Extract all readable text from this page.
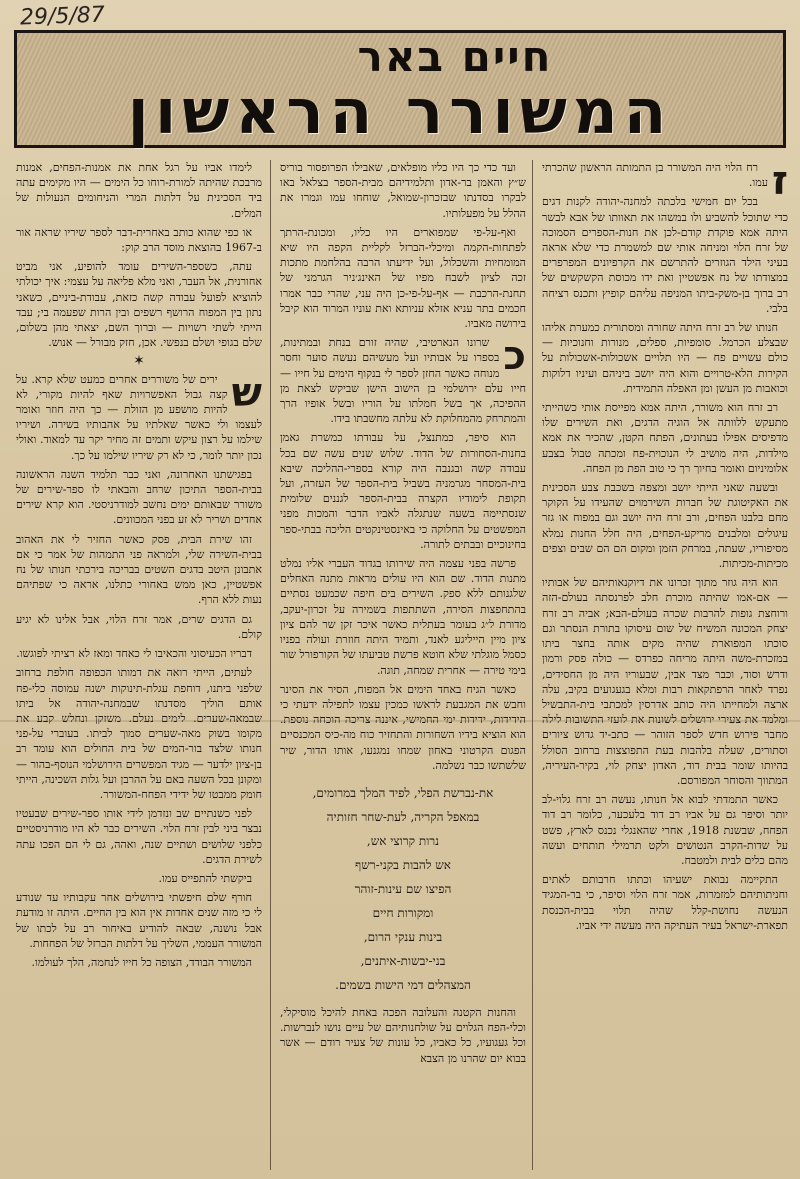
29/5/87
חיים באר
המשורר הראשון
ז

רח הלוי היה המשורר בן התמותה הראשון שהכרתי עמו.

בכל יום חמישי בלכתה למחנה-יהודה לקנות דגים כדי שתוכל להשביע ולו במשהו את תאוותו של אבא לבשר היתה אמא פוקדת קודם-לכן את חנות-הספרים הסמוכה של זרח הלוי ומניחה אותי שם למשמרת כדי שלא אראה בעיני הילד הגוזרים להתרשם את הקרפיונים המפרפרים במצודתו של נח אפשטיין ואת ידו מכוסת הקשקשים של רב ברוך בן-משק-ביתו המניפה עליהם קופיץ ותכנס רציחה בלבי.

חנותו של רב זרח היתה שחורה ומסתורית כמערת אליהו שבצלע הכרמל. סומפיות, ספלים, מנורות וחנוכיות — כולם עשויים פח — היו תלויים אשכולות-אשכולות על הקירות הלא-טרויים והוא היה יושב ביניהם ועיניו דלוקות וכואבות מן העשן ומן האפלה התמידית.

רב זרח הוא משורר, היתה אמא מפייסת אותי כשהייתי מתעקש ללוותה אל הוגיה הדגים, ואת השירים שלו מדפיסים אפילו בעתונים, הפתח הקטן, שהכיר את אמא מילדות, היה מושיב לי הנוכוית-פח ומכתה טבול בצבע אלומיניום ואומר בחיוך רך כי טוב הפת מן הפחה.

ובשעה שאני הייתי יושב ומצפה בשכבת צבע הסכינית את האקיטוגת של חברות השירמוים שהעידו על הקוקר מחם בלבנו הפחים, ורב זרח היה יושב וגם במפוח או גזר עיגולים ומלבנים מריקע-הפחים, היה חלל החנות נמלא מסיפוריו, שעתה, במרחק הזמן ומקום הם הם שבים וצפים מכיתות-מכיתות.

הוא היה גוזר מתוך זכרונו את דיוקנאותיהם של אבותיו — אם-אמו שהיתה מוכרת חלב לפרנסתה בעולם-הזה ורוחצת גופות להרבות שכרה בעולם-הבא; אביה רב זרח יצחק המכונה המשיח של שום עיסוקו בתורת הנסתר וגם סוכתו המפוארת שהיה מקים אותה בחצר ביתו במזכרת-משה היתה מריחה כפרדס — כולה פסק ורמון ודרש וסוד, וכבר מצד אבין, שבעוריו היה מן החסידים, נפרד לאחר הרפתקאות רבות ומלא בגעגועים בקיב, עלה ארצה ולמחייתו היה כותב אדרסין למכתבי בית-התבשיל ומלמד את צעירי ירושלים לשונות את לועזי התשובות לילה מחבר פירוש חדש לספר הזוהר — כתב-יד גדוש ציורים וסתורים, שעלה בלהבות בעת התפוצצות ברחוב הסולל בהיותו שומר בבית דוד, האדון יצחק לוי, בקיר-העיריה, המתווך והסוחר המפורסם.

כאשר התמדתי לבוא אל חנותו, נעשה רב זרח גלוי-לב יותר וסיפר גם על אביו רב דוד בלעכער, כלומר רב דוד הפחח, שבשנת 1918, אחרי שהאנגלי נכנס לארץ, פשט על שדות-הקרב הנטושים ולקט תרמילי תותחים ועשה מהם כלים לבית ולמטבח.

התקיימה נבואת ישעיהו וכתתו חרבותם לאתים וחניתותיהם למזמרות, אמר זרח הלוי וסיפר, כי בר-המגיד הנעשה נחושת-קלל שהיה תלוי בבית-הכנסת תפארת-ישראל בעיר העתיקה היה מעשה ידי אביו.

ועד כדי כך היו כליו מופלאים, שאבילו הפרופסור בוריס ש״ץ והאמן בר-אדון ותלמידיהם מבית-הספר בצלאל באו לבקרו בסדנתו שבזכרון-שמואל, שוחחו עמו וגמרו את ההלל על מפעלותיו.

ואף-על-פי שמפוארים היו כליו, ומכונת-הרתך לפתחות-הקמה ומיכלי-הברזל לקליית הקפה היו שיא המומחיות והשכלול, ועל ידיעתו הרבה בהלחמת מתכות זכה לציון לשבח מפיו של האינג׳ניר הגרמני של תחנת-הרכבת — אף-על-פי-כן היה עני, שהרי כבר אמרו חכמים בתר עניא אזלא עניותא ואת עוניו המרוד הוא קיבל בירושה מאביו.

כ

שרונו הנארטיבי, שהיה זורם בנחת ובמתינות, בספרו על אבותיו ועל מעשיהם נעשה סוער וחסר מנוחה כאשר החזן לספר לי בנקוף הימים על חייו — חייו עלם ירושלמי בן הישוב הישן שביקש לצאת מן ההפיכה, אך בשל חמלתו על הוריו ובשל אופיו הרך והמתרחק מהמחלוקת לא עלתה מחשבתו בידו.

הוא סיפר, כמתנצל, על עבודתו כמשרת גאמן בחנות-הסחורות של הדוד. שלוש שנים עשה שם בכל עבודה קשה ובגנבה היה קורא בספרי-ההליכה שיבא בית-המסחר מגרמניה בשביל בית-הספר של העזרה, ועל תקופת לימודיו הקצרה בבית-הספר לגננים שלומית שנסתיימה בשעה שנתגלה לאביו הדבר והמכות מפני המפשטים על החלוקה כי באינסטינקטים הליכה בבתי-ספר בחינוכיים ובבתים לתורה.

פרשה בפני עצמה היה שירותו בגדוד העברי אליו נמלט מתנות הדוד. שם הוא היו עולים מראות מתנה האחלים שלגנותם ללא ספק. השירים בים חיפה שכמעט נסתיים בהתחפצות הסירה, השתתפות בשמירה על זכרון-יעקב, מדורת ל״ג בעומר בעתלית כאשר איכר זקן שר להם ציון ציון מיין הייליגע לאנד, ותמיד היתה חוזרת ועולה בפניו כסמל מוגלתי שלא חוטא פרשת טביעתו של הקורפורל שור בימי טירה — אחרית שמחה, תוגה.

כאשר הגיח באחד הימים אל המפוח, הסיר את הסינר וחבש את המגבעת לראשו כמכין עצמו לתפילה ידעתי כי הידידות, ידידות ימי החמישי, איננה צריכה הוכחה נוספת. הוא הוציא בידיו השחורות והתחזיר כוח מה-כיס המכנסיים הפגום הקרטוני באחון שמחו נמגנעו, אותו הדור, שיר שלשתשו כבר נשלמה.

את-נברשת הפלי, לפיד המלך במרומים,
במאפל הקריה, לעת-שחר חזותיה
נרות קרוצי אש,
אש להבות בקני-רשף
הפיצו שם עינות-זוהר
ומקורות חיים
בינות ענקי הרום,
בני-יבשות-איתנים,
המצהלים דמי הישות בשמים.

והחנות הקטנה והעלובה הפכה באחת להיכל מוסיקלי, וכלי-הפח הגלוים על שולחנותיהם של עיים נושו לנברשות. וכל געגועיו, כל כאביו, כל עונות של צעיר רודם — אשר בבוא יום שהרנו מן הצבא

לימדו אביו על רגל אחת את אמנות-הפחים, אמנות מרבכת שהיתה למורת-רוחו כל הימים — היו מקימים עתה ביד הסכינית על דלתות המרי והניחומים הנעולות של המלים.

או כפי שהוא כותב באחרית-דבר לספר שיריו שראה אור ב-1967 בהוצאת מוסד הרב קוק:

עתה, כשספר-השירים עומד להופיע, אני מביט אחורנית, אל העבר, ואני מלא פליאה על עצמי: איך יכולתי להוציא לפועל עבודה קשה כזאת, עבודת-ביניים, כשאני נתון בין המפוח הרושף רשפים ובין הרות שפעמה בי; עבד הייתי לשתי רשויות — וברוך השם, יצאתי מהן בשלום, שלם בגופי ושלם בנפשי. אכן, חזק מבורל — אנוש.

✶
ש

ירים של משוררים אחרים כמעט שלא קרא. על קצה גבול האפשרויות שאף להיות מקורי, לא להיות מושפע מן הזולת — כך היה חוזר ואומר לעצמו ולי כאשר שאלתיו על אהבותיו בשירה. ושיריו שילמו על רצון עיקש ותמים זה מחיר יקר עד למאוד. ואולי נכון יותר לומר, כי לא רק שיריו שילמו על כך.

בפגישתנו האחרונה, ואני כבר תלמיד השנה הראשונה בבית-הספר התיכון שרחב והבאתי לו ספר-שירים של משורר שבאותם ימים נחשב למודרניסטי. הוא קרא שירים אחדים ושריר לא זע בפני המכוונים.

זהו שירת הבית, פסק כאשר החזיר לי את האהוב בבית-השירה שלי, ולמראה פני התמהות של אמר כי אם אתבונן היטב בדגים השטים בבריכה בירכתי חנותו של נח אפשטיין, כאן ממש באחורי כתלנו, אראה כי שפתיהם נעות ללא הרף.

גם הדגים שרים, אמר זרח הלוי, אבל אלינו לא יגיע קולם.

דבריו הכעיסוני והכאיבו לי כאחד ומאז לא רציתי לפוגשו.

לעתים, הייתי רואה את דמותו הכפופה חולפת ברחוב שלפני ביתנו, דוחפת עגלת-תינוקות ישנה עמוסה כלי-פח אותם הוליך מסדנתו שבמחנה-יהודה אל ביתו שבמאה-שערים. לימים נעלם. משזקן ונחלש קבע את מקומו בשוק מאה-שערים סמוך לביתו. בעוברי על-פני חנותו שלצד בור-המים של בית החולים הוא עומד רב בן-ציון ילדער — מגיד המפשרים הירושלמי הנוסף-בהור — ומקונן בכל השעה באם על ההרבן ועל גלות השכינה, הייתי חומק ממבטו של ידידי הפחח-המשורר.

לפני כשנתיים שב ונזדמן לידי אותו ספר-שירים שבעטיו נבצר ביני לבין זרח הלוי. השירים כבר לא היו מודרניסטיים כלפני שלושים ושתיים שנה, ואהה, גם לי הם הפכו עתה לשירת הדגים.

ביקשתי להתפייס עמו.

חורף שלם חיפשתי בירושלים אחר עקבותיו עד שנודע לי כי מזה שנים אחדות אין הוא בין החיים. היתה זו מודעת אבל נושנה, שבאה להודיע באיחור רב על לכתו של המשורר העממי, השליך על דלתות הברזל של הפחחות.

המשורר הבודד, הצופה כל חייו לנחמה, הלך לעולמו.
